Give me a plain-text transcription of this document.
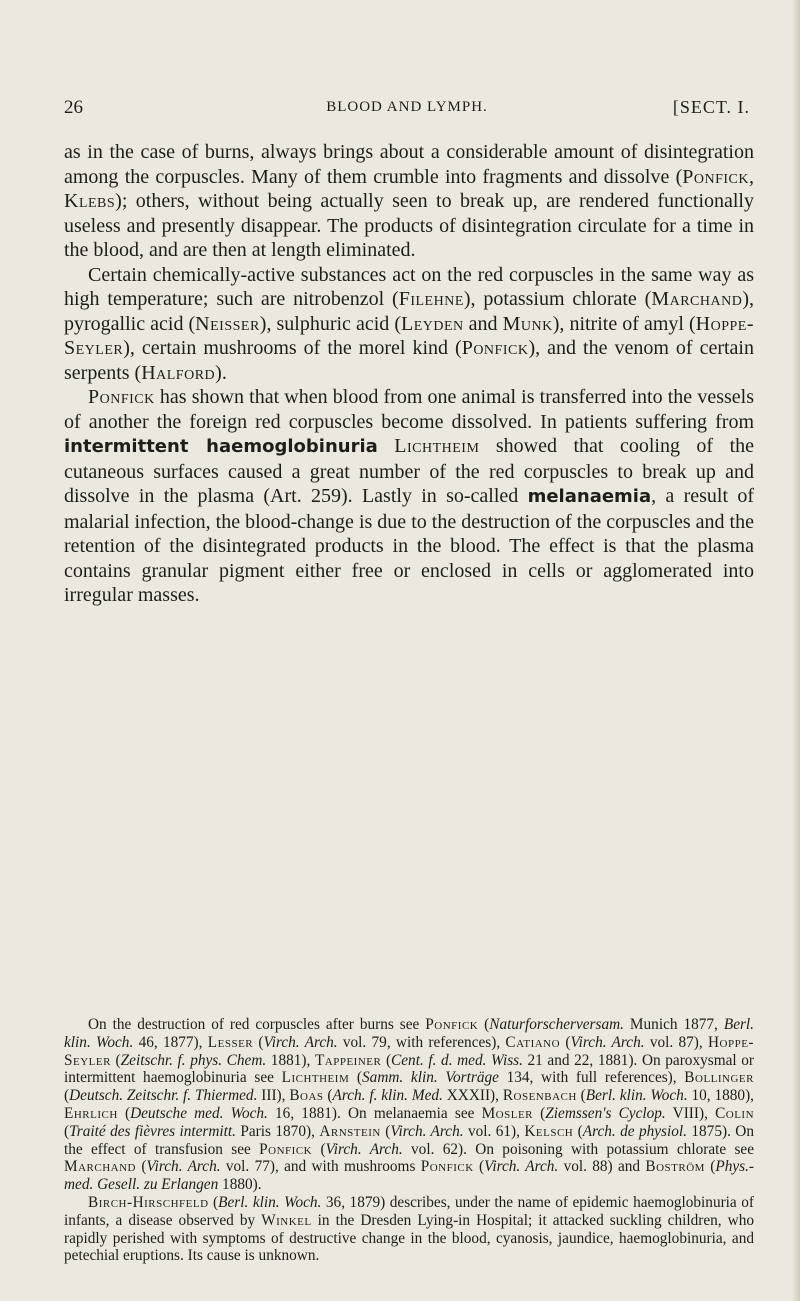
26	BLOOD AND LYMPH.	[SECT. I.

as in the case of burns, always brings about a considerable amount of disintegration among the corpuscles. Many of them crumble into fragments and dissolve (Ponfick, Klebs); others, without being actually seen to break up, are rendered functionally useless and presently disappear. The products of disintegration circulate for a time in the blood, and are then at length eliminated.

Certain chemically-active substances act on the red corpuscles in the same way as high temperature; such are nitrobenzol (Filehne), potassium chlorate (Marchand), pyrogallic acid (Neisser), sulphuric acid (Leyden and Munk), nitrite of amyl (Hoppe-Seyler), certain mushrooms of the morel kind (Ponfick), and the venom of certain serpents (Halford).

Ponfick has shown that when blood from one animal is transferred into the vessels of another the foreign red corpuscles become dissolved. In patients suffering from intermittent haemoglobinuria Lichtheim showed that cooling of the cutaneous surfaces caused a great number of the red corpuscles to break up and dissolve in the plasma (Art. 259). Lastly in so-called melanaemia, a result of malarial infection, the blood-change is due to the destruction of the corpuscles and the retention of the disintegrated products in the blood. The effect is that the plasma contains granular pigment either free or enclosed in cells or agglomerated into irregular masses.

On the destruction of red corpuscles after burns see Ponfick (Naturforscherversam. Munich 1877, Berl. klin. Woch. 46, 1877), Lesser (Virch. Arch. vol. 79, with references), Catiano (Virch. Arch. vol. 87), Hoppe-Seyler (Zeitschr. f. phys. Chem. 1881), Tappeiner (Cent. f. d. med. Wiss. 21 and 22, 1881). On paroxysmal or intermittent haemoglobinuria see Lichtheim (Samm. klin. Vorträge 134, with full references), Bollinger (Deutsch. Zeitschr. f. Thiermed. III), Boas (Arch. f. klin. Med. XXXII), Rosenbach (Berl. klin. Woch. 10, 1880), Ehrlich (Deutsche med. Woch. 16, 1881). On melanaemia see Mosler (Ziemssen's Cyclop. VIII), Colin (Traité des fièvres intermitt. Paris 1870), Arnstein (Virch. Arch. vol. 61), Kelsch (Arch. de physiol. 1875). On the effect of transfusion see Ponfick (Virch. Arch. vol. 62). On poisoning with potassium chlorate see Marchand (Virch. Arch. vol. 77), and with mushrooms Ponfick (Virch. Arch. vol. 88) and Boström (Phys.-med. Gesell. zu Erlangen 1880).

Birch-Hirschfeld (Berl. klin. Woch. 36, 1879) describes, under the name of epidemic haemoglobinuria of infants, a disease observed by Winkel in the Dresden Lying-in Hospital; it attacked suckling children, who rapidly perished with symptoms of destructive change in the blood, cyanosis, jaundice, haemoglobinuria, and petechial eruptions. Its cause is unknown.
